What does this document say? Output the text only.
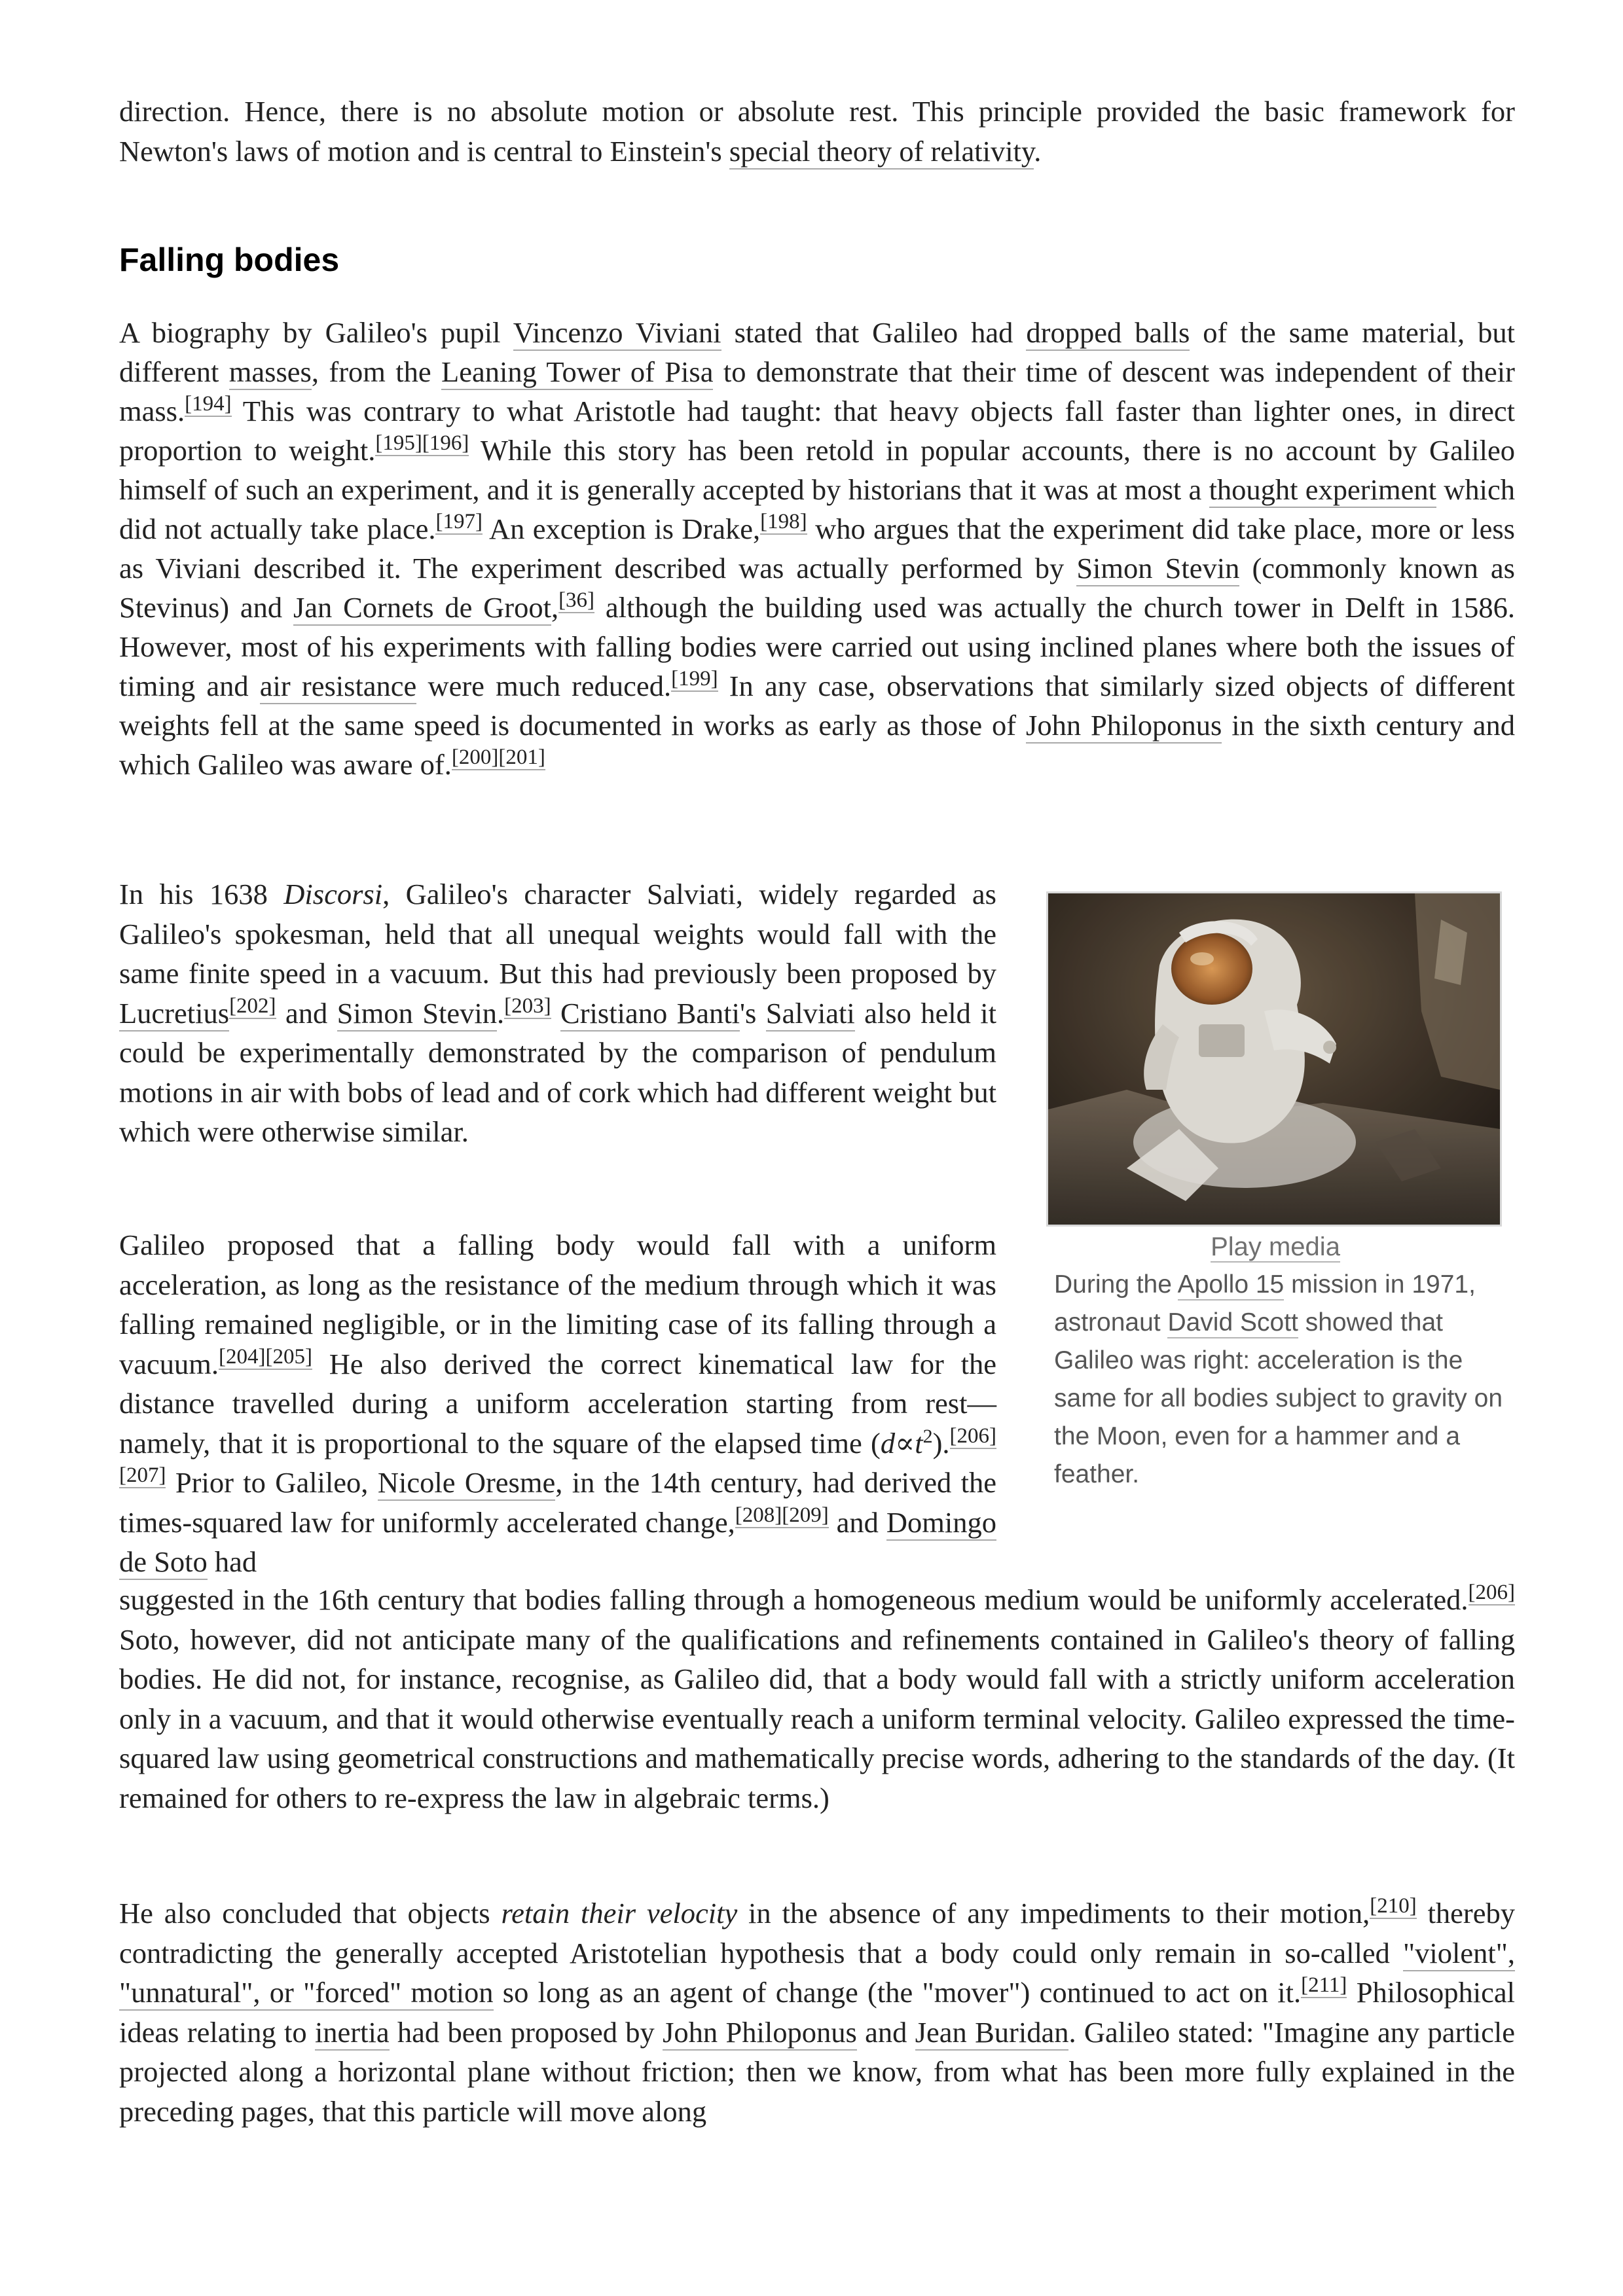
direction. Hence, there is no absolute motion or absolute rest. This principle provided the basic framework for Newton's laws of motion and is central to Einstein's special theory of relativity.

Falling bodies

A biography by Galileo's pupil Vincenzo Viviani stated that Galileo had dropped balls of the same material, but different masses, from the Leaning Tower of Pisa to demonstrate that their time of descent was independent of their mass.[194] This was contrary to what Aristotle had taught: that heavy objects fall faster than lighter ones, in direct proportion to weight.[195][196] While this story has been retold in popular accounts, there is no account by Galileo himself of such an experiment, and it is generally accepted by historians that it was at most a thought experiment which did not actually take place.[197] An exception is Drake,[198] who argues that the experiment did take place, more or less as Viviani described it. The experiment described was actually performed by Simon Stevin (commonly known as Stevinus) and Jan Cornets de Groot,[36] although the building used was actually the church tower in Delft in 1586. However, most of his experiments with falling bodies were carried out using inclined planes where both the issues of timing and air resistance were much reduced.[199] In any case, observations that similarly sized objects of different weights fell at the same speed is documented in works as early as those of John Philoponus in the sixth century and which Galileo was aware of.[200][201]

In his 1638 Discorsi, Galileo's character Salviati, widely regarded as Galileo's spokesman, held that all unequal weights would fall with the same finite speed in a vacuum. But this had previously been proposed by Lucretius[202] and Simon Stevin.[203] Cristiano Banti's Salviati also held it could be experimentally demonstrated by the comparison of pendulum motions in air with bobs of lead and of cork which had different weight but which were otherwise similar.

Galileo proposed that a falling body would fall with a uniform acceleration, as long as the resistance of the medium through which it was falling remained negligible, or in the limiting case of its falling through a vacuum.[204][205] He also derived the correct kinematical law for the distance travelled during a uniform acceleration starting from rest—namely, that it is proportional to the square of the elapsed time $(d\propto t^2).[206][207]$ Prior to Galileo, Nicole Oresme, in the 14th century, had derived the times-squared law for uniformly accelerated change,[208][209] and Domingo de Soto had

suggested in the 16th century that bodies falling through a homogeneous medium would be uniformly accelerated.[206] Soto, however, did not anticipate many of the qualifications and refinements contained in Galileo's theory of falling bodies. He did not, for instance, recognise, as Galileo did, that a body would fall with a strictly uniform acceleration only in a vacuum, and that it would otherwise eventually reach a uniform terminal velocity. Galileo expressed the time-squared law using geometrical constructions and mathematically precise words, adhering to the standards of the day. (It remained for others to re-express the law in algebraic terms.)

He also concluded that objects retain their velocity in the absence of any impediments to their motion,[210] thereby contradicting the generally accepted Aristotelian hypothesis that a body could only remain in so-called "violent", "unnatural", or "forced" motion so long as an agent of change (the "mover") continued to act on it.[211] Philosophical ideas relating to inertia had been proposed by John Philoponus and Jean Buridan. Galileo stated: "Imagine any particle projected along a horizontal plane without friction; then we know, from what has been more fully explained in the preceding pages, that this particle will move along

Play media
During the Apollo 15 mission in 1971, astronaut David Scott showed that Galileo was right: acceleration is the same for all bodies subject to gravity on the Moon, even for a hammer and a feather.
